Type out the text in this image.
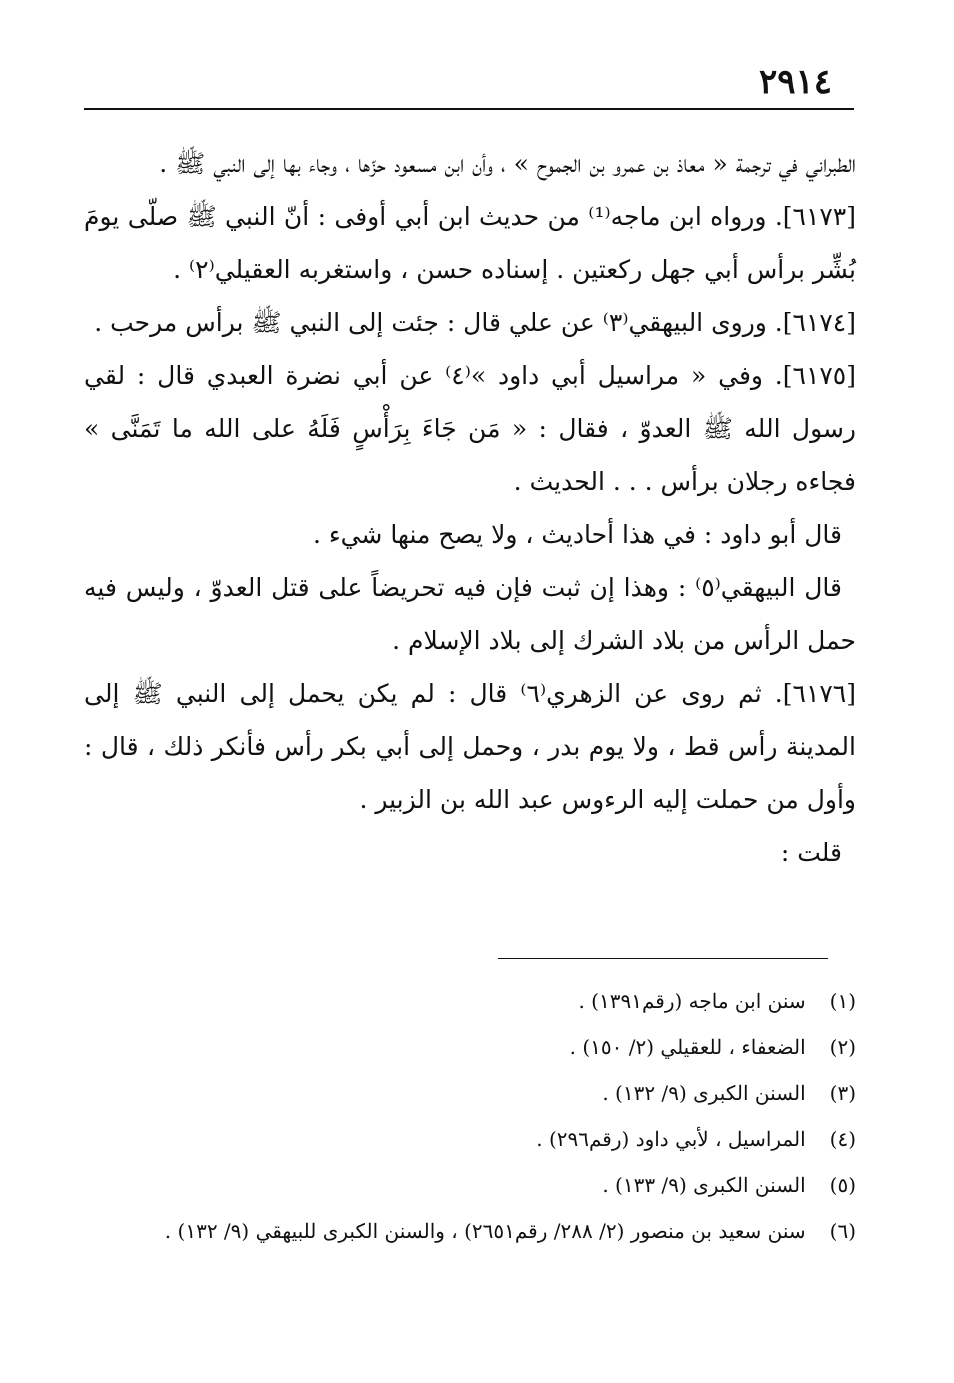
٢٩١٤

الطبراني في ترجمة « معاذ بن عمرو بن الجموح » ، وأن ابن مسعود حزّها ، وجاء بها إلى النبي ﷺ .

[٦١٧٣]. ورواه ابن ماجه⁽¹⁾ من حديث ابن أبي أوفى : أنّ النبي ﷺ صلّى يومَ بُشِّر برأس أبي جهل ركعتين . إسناده حسن ، واستغربه العقيلي⁽٢⁾ .

[٦١٧٤]. وروى البيهقي⁽٣⁾ عن علي قال : جئت إلى النبي ﷺ برأس مرحب .

[٦١٧٥]. وفي « مراسيل أبي داود »⁽٤⁾ عن أبي نضرة العبدي قال : لقي رسول الله ﷺ العدوّ ، فقال : « مَن جَاءَ بِرَأْسٍ فَلَهُ على الله ما تَمَنَّى » فجاءه رجلان برأس . . . الحديث .

قال أبو داود : في هذا أحاديث ، ولا يصح منها شيء .

قال البيهقي⁽٥⁾ : وهذا إن ثبت فإن فيه تحريضاً على قتل العدوّ ، وليس فيه حمل الرأس من بلاد الشرك إلى بلاد الإسلام .

[٦١٧٦]. ثم روى عن الزهري⁽٦⁾ قال : لم يكن يحمل إلى النبي ﷺ إلى المدينة رأس قط ، ولا يوم بدر ، وحمل إلى أبي بكر رأس فأنكر ذلك ، قال : وأول من حملت إليه الرءوس عبد الله بن الزبير .

قلت :

(١) سنن ابن ماجه (رقم١٣٩١) .

(٢) الضعفاء ، للعقيلي (٢/ ١٥٠) .

(٣) السنن الكبرى (٩/ ١٣٢) .

(٤) المراسيل ، لأبي داود (رقم٢٩٦) .

(٥) السنن الكبرى (٩/ ١٣٣) .

(٦) سنن سعيد بن منصور (٢/ ٢٨٨/ رقم٢٦٥١) ، والسنن الكبرى للبيهقي (٩/ ١٣٢) .
